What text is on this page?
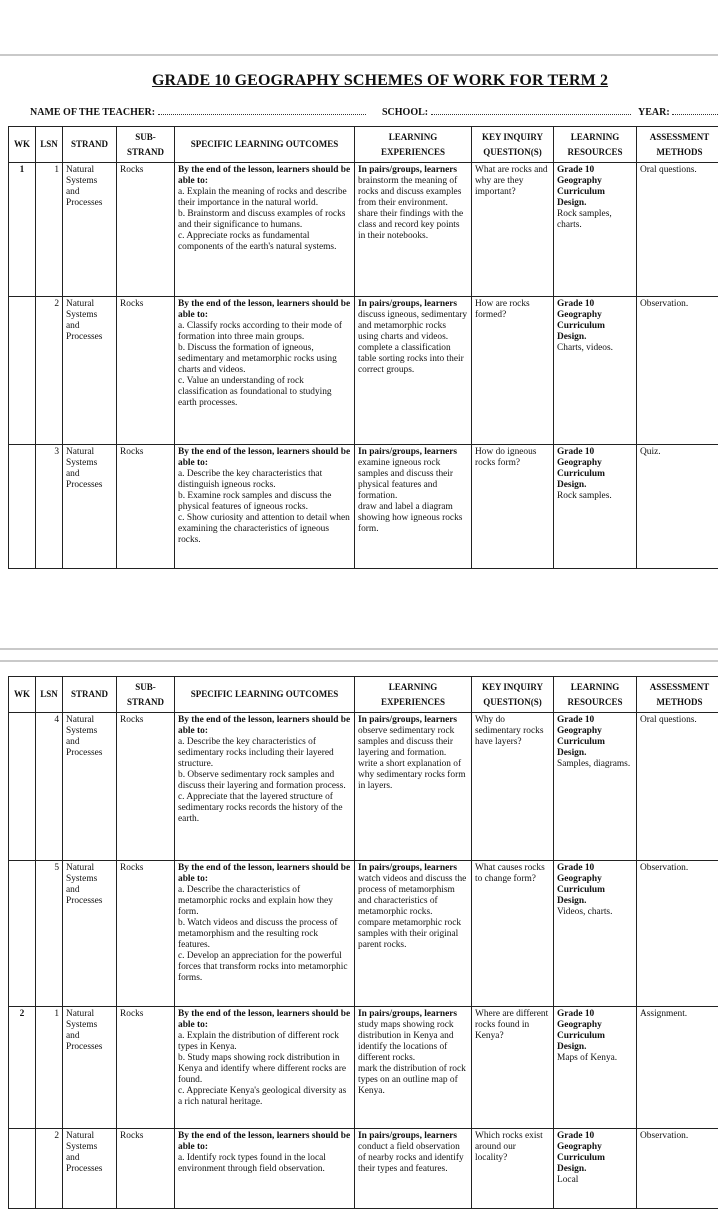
GRADE 10 GEOGRAPHY SCHEMES OF WORK FOR TERM 2
NAME OF THE TEACHER:	SCHOOL:	YEAR:
WK	LSN	STRAND	SUB-
STRAND	SPECIFIC LEARNING OUTCOMES	LEARNING
EXPERIENCES	KEY INQUIRY
QUESTION(S)	LEARNING
RESOURCES	ASSESSMENT
METHODS

1	1	Natural Systems and Processes	Rocks	By the end of the lesson, learners should be able to:
a. Explain the meaning of rocks and describe their importance in the natural world.
b. Brainstorm and discuss examples of rocks and their significance to humans.
c. Appreciate rocks as fundamental components of the earth's natural systems.	In pairs/groups, learners brainstorm the meaning of rocks and discuss examples from their environment.
share their findings with the class and record key points in their notebooks.	What are rocks and why are they important?	Grade 10 Geography Curriculum Design.
Rock samples, charts.	Oral questions.
	2	Natural Systems and Processes	Rocks	By the end of the lesson, learners should be able to:
a. Classify rocks according to their mode of formation into three main groups.
b. Discuss the formation of igneous, sedimentary and metamorphic rocks using charts and videos.
c. Value an understanding of rock classification as foundational to studying earth processes.	In pairs/groups, learners discuss igneous, sedimentary and metamorphic rocks using charts and videos.
complete a classification table sorting rocks into their correct groups.	How are rocks formed?	Grade 10 Geography Curriculum Design.
Charts, videos.	Observation.
	3	Natural Systems and Processes	Rocks	By the end of the lesson, learners should be able to:
a. Describe the key characteristics that distinguish igneous rocks.
b. Examine rock samples and discuss the physical features of igneous rocks.
c. Show curiosity and attention to detail when examining the characteristics of igneous rocks.	In pairs/groups, learners examine igneous rock samples and discuss their physical features and formation.
draw and label a diagram showing how igneous rocks form.	How do igneous rocks form?	Grade 10 Geography Curriculum Design.
Rock samples.	Quiz.
WK	LSN	STRAND	SUB-
STRAND	SPECIFIC LEARNING OUTCOMES	LEARNING
EXPERIENCES	KEY INQUIRY
QUESTION(S)	LEARNING
RESOURCES	ASSESSMENT
METHODS

	4	Natural Systems and Processes	Rocks	By the end of the lesson, learners should be able to:
a. Describe the key characteristics of sedimentary rocks including their layered structure.
b. Observe sedimentary rock samples and discuss their layering and formation process.
c. Appreciate that the layered structure of sedimentary rocks records the history of the earth.	In pairs/groups, learners observe sedimentary rock samples and discuss their layering and formation.
write a short explanation of why sedimentary rocks form in layers.	Why do sedimentary rocks have layers?	Grade 10 Geography Curriculum Design.
Samples, diagrams.	Oral questions.
	5	Natural Systems and Processes	Rocks	By the end of the lesson, learners should be able to:
a. Describe the characteristics of metamorphic rocks and explain how they form.
b. Watch videos and discuss the process of metamorphism and the resulting rock features.
c. Develop an appreciation for the powerful forces that transform rocks into metamorphic forms.	In pairs/groups, learners watch videos and discuss the process of metamorphism and characteristics of metamorphic rocks.
compare metamorphic rock samples with their original parent rocks.	What causes rocks to change form?	Grade 10 Geography Curriculum Design.
Videos, charts.	Observation.
2	1	Natural Systems and Processes	Rocks	By the end of the lesson, learners should be able to:
a. Explain the distribution of different rock types in Kenya.
b. Study maps showing rock distribution in Kenya and identify where different rocks are found.
c. Appreciate Kenya's geological diversity as a rich natural heritage.	In pairs/groups, learners study maps showing rock distribution in Kenya and identify the locations of different rocks.
mark the distribution of rock types on an outline map of Kenya.	Where are different rocks found in Kenya?	Grade 10 Geography Curriculum Design.
Maps of Kenya.	Assignment.
	2	Natural Systems and Processes	Rocks	By the end of the lesson, learners should be able to:
a. Identify rock types found in the local environment through field observation.	In pairs/groups, learners conduct a field observation of nearby rocks and identify their types and features.	Which rocks exist around our locality?	Grade 10 Geography Curriculum Design.
Local	Observation.
